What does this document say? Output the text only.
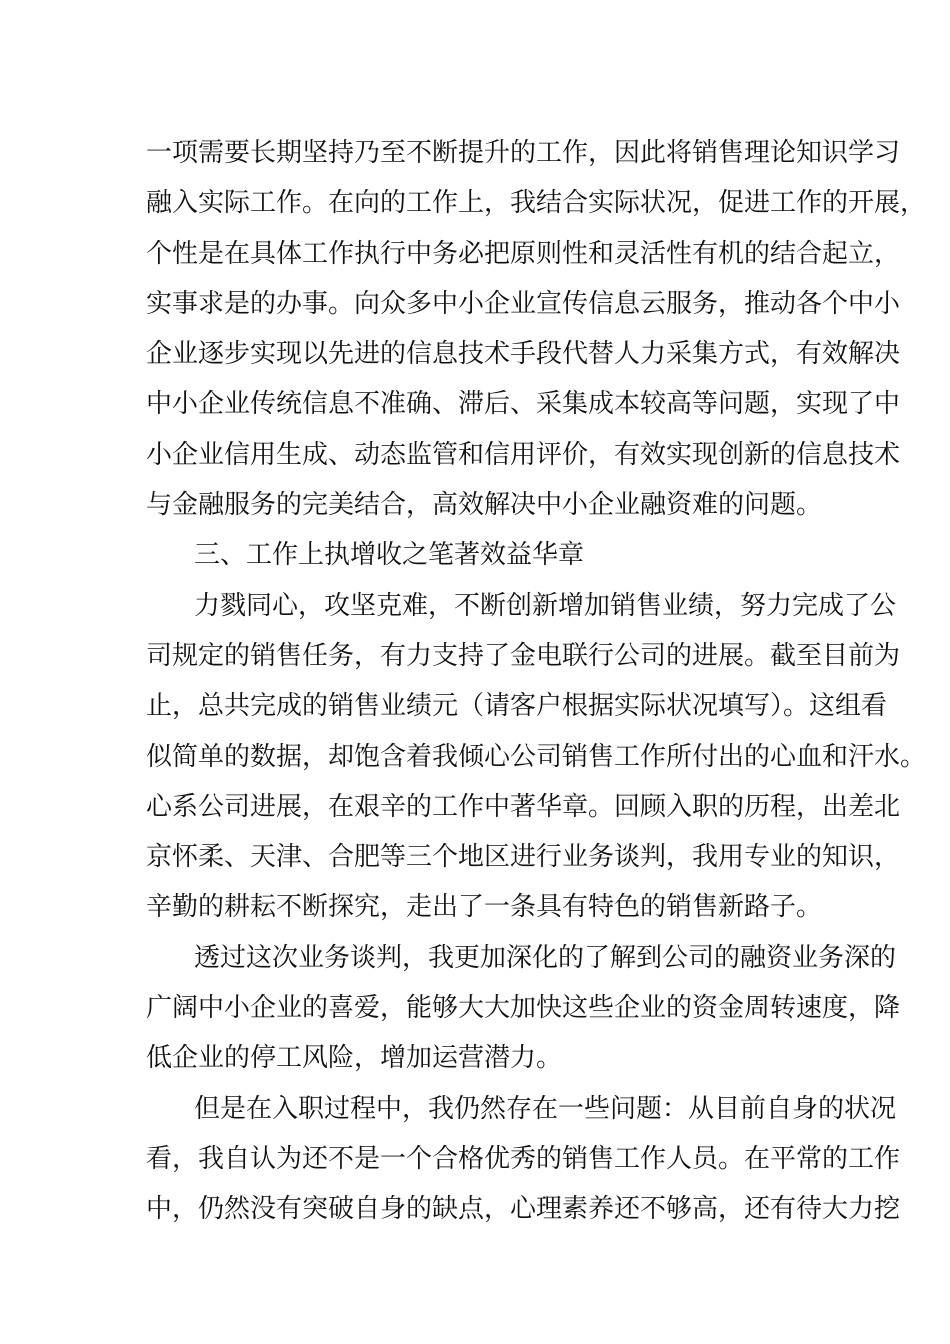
一项需要长期坚持乃至不断提升的工作，因此将销售理论知识学习
融入实际工作。在向的工作上，我结合实际状况，促进工作的开展，
个性是在具体工作执行中务必把原则性和灵活性有机的结合起立，
实事求是的办事。向众多中小企业宣传信息云服务，推动各个中小
企业逐步实现以先进的信息技术手段代替人力采集方式，有效解决
中小企业传统信息不准确、滞后、采集成本较高等问题，实现了中
小企业信用生成、动态监管和信用评价，有效实现创新的信息技术
与金融服务的完美结合，高效解决中小企业融资难的问题。
三、工作上执增收之笔著效益华章
力戮同心，攻坚克难，不断创新增加销售业绩，努力完成了公
司规定的销售任务，有力支持了金电联行公司的进展。截至目前为
止，总共完成的销售业绩元（请客户根据实际状况填写）。这组看
似简单的数据，却饱含着我倾心公司销售工作所付出的心血和汗水。
心系公司进展，在艰辛的工作中著华章。回顾入职的历程，出差北
京怀柔、天津、合肥等三个地区进行业务谈判，我用专业的知识，
辛勤的耕耘不断探究，走出了一条具有特色的销售新路子。
透过这次业务谈判，我更加深化的了解到公司的融资业务深的
广阔中小企业的喜爱，能够大大加快这些企业的资金周转速度，降
低企业的停工风险，增加运营潜力。
但是在入职过程中，我仍然存在一些问题：从目前自身的状况
看，我自认为还不是一个合格优秀的销售工作人员。在平常的工作
中，仍然没有突破自身的缺点，心理素养还不够高，还有待大力挖
